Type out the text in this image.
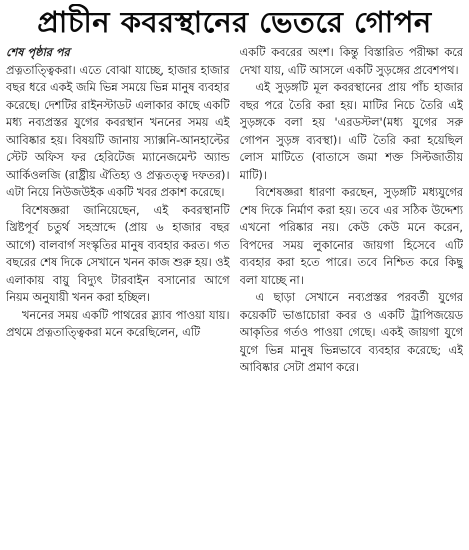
প্রাচীন কবরস্থানের ভেতরে গোপন

শেষ পৃষ্ঠার পর

প্রত্নতাত্ত্বিকরা। এতে বোঝা যাচ্ছে, হাজার হাজার বছর ধরে একই জমি ভিন্ন সময়ে ভিন্ন মানুষ ব্যবহার করেছে। দেশটির রাইনস্টাডট এলাকার কাছে একটি মধ্য নব্যপ্রস্তর যুগের কবরস্থান খননের সময় এই আবিষ্কার হয়। বিষয়টি জানায় স্যাক্সনি-আনহাল্টের স্টেট অফিস ফর হেরিটেজ ম্যানেজমেন্ট অ্যান্ড আর্কিওলজি (রাষ্ট্রীয় ঐতিহ্য ও প্রত্নতত্ত্ব দফতর)। এটা নিয়ে নিউজউইক একটি খবর প্রকাশ করেছে।

বিশেষজ্ঞরা জানিয়েছেন, এই কবরস্থানটি খ্রিষ্টপূর্ব চতুর্থ সহস্রাব্দে (প্রায় ৬ হাজার বছর আগে) বালবার্গ সংস্কৃতির মানুষ ব্যবহার করত। গত বছরের শেষ দিকে সেখানে খনন কাজ শুরু হয়। ওই এলাকায় বায়ু বিদ্যুৎ টারবাইন বসানোর আগে নিয়ম অনুযায়ী খনন করা হচ্ছিল।

খননের সময় একটি পাথরের স্ল্যাব পাওয়া যায়। প্রথমে প্রত্নতাত্ত্বিকরা মনে করেছিলেন, এটি

একটি কবরের অংশ। কিন্তু বিস্তারিত পরীক্ষা করে দেখা যায়, এটি আসলে একটি সুড়ঙ্গের প্রবেশপথ।

এই সুড়ঙ্গটি মূল কবরস্থানের প্রায় পাঁচ হাজার বছর পরে তৈরি করা হয়। মাটির নিচে তৈরি এই সুড়ঙ্গকে বলা হয় 'এরডস্টল'(মধ্য যুগের সরু গোপন সুড়ঙ্গ ব্যবস্থা)। এটি তৈরি করা হয়েছিল লোস মাটিতে (বাতাসে জমা শক্ত সিল্টজাতীয় মাটি)।

বিশেষজ্ঞরা ধারণা করছেন, সুড়ঙ্গটি মধ্যযুগের শেষ দিকে নির্মাণ করা হয়। তবে এর সঠিক উদ্দেশ্য এখনো পরিষ্কার নয়। কেউ কেউ মনে করেন, বিপদের সময় লুকানোর জায়গা হিসেবে এটি ব্যবহার করা হতে পারে। তবে নিশ্চিত করে কিছু বলা যাচ্ছে না।

এ ছাড়া সেখানে নব্যপ্রস্তর পরবর্তী যুগের কয়েকটি ভাঙাচোরা কবর ও একটি ট্রাপিজয়েড আকৃতির গর্তও পাওয়া গেছে। একই জায়গা যুগে যুগে ভিন্ন মানুষ ভিন্নভাবে ব্যবহার করেছে; এই আবিষ্কার সেটা প্রমাণ করে।
